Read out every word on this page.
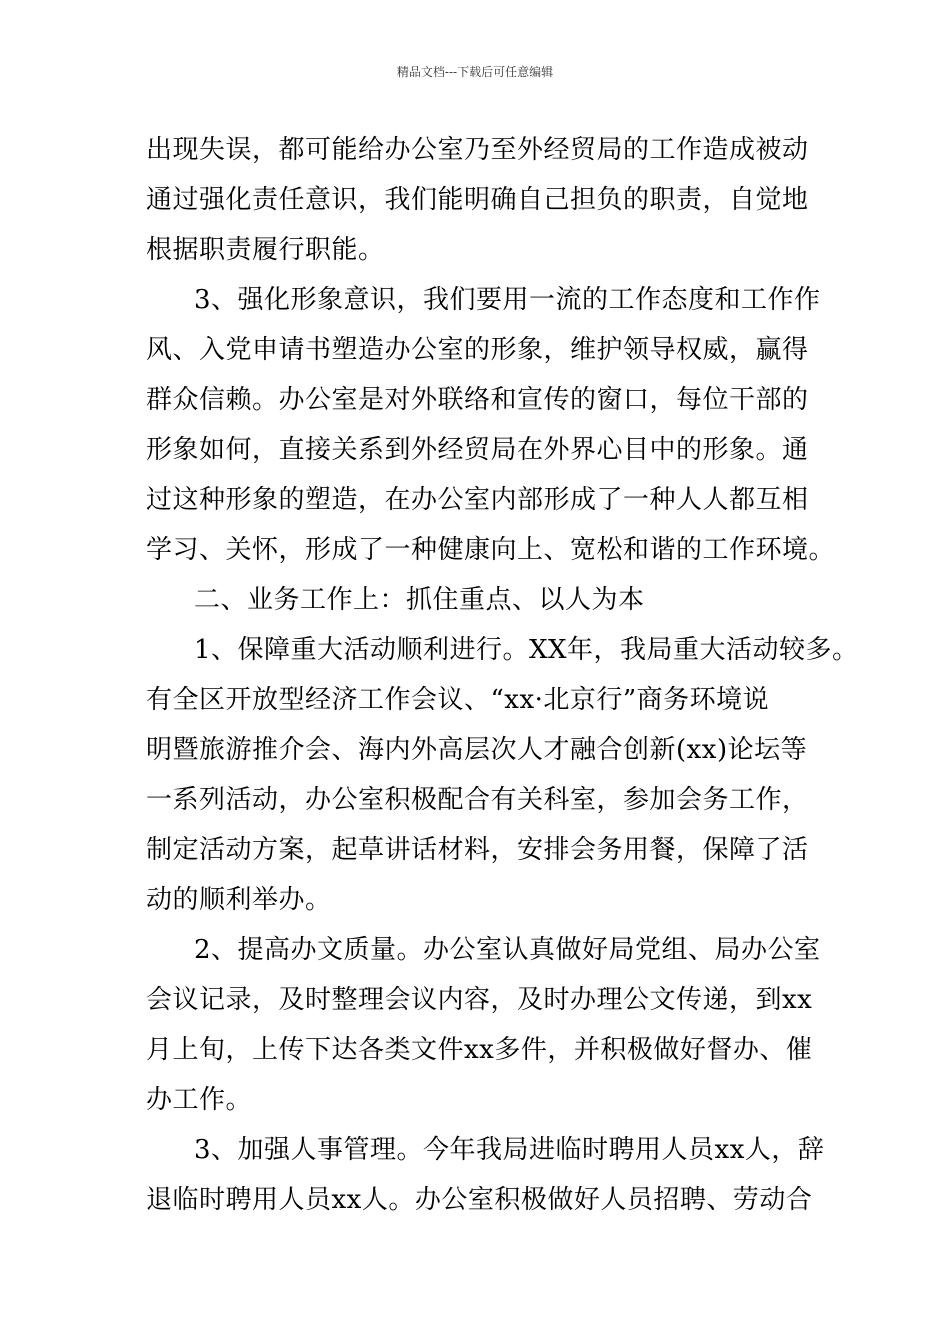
精品文档---下载后可任意编辑
出现失误，都可能给办公室乃至外经贸局的工作造成被动
通过强化责任意识，我们能明确自己担负的职责，自觉地
根据职责履行职能。
3、强化形象意识，我们要用一流的工作态度和工作作
风、入党申请书塑造办公室的形象，维护领导权威，赢得
群众信赖。办公室是对外联络和宣传的窗口，每位干部的
形象如何，直接关系到外经贸局在外界心目中的形象。通
过这种形象的塑造，在办公室内部形成了一种人人都互相
学习、关怀，形成了一种健康向上、宽松和谐的工作环境。
二、业务工作上：抓住重点、以人为本
1、保障重大活动顺利进行。XX年，我局重大活动较多。
有全区开放型经济工作会议、“xx·北京行”商务环境说
明暨旅游推介会、海内外高层次人才融合创新(xx)论坛等
一系列活动，办公室积极配合有关科室，参加会务工作，
制定活动方案，起草讲话材料，安排会务用餐，保障了活
动的顺利举办。
2、提高办文质量。办公室认真做好局党组、局办公室
会议记录，及时整理会议内容，及时办理公文传递，到xx
月上旬，上传下达各类文件xx多件，并积极做好督办、催
办工作。
3、加强人事管理。今年我局进临时聘用人员xx人，辞
退临时聘用人员xx人。办公室积极做好人员招聘、劳动合
